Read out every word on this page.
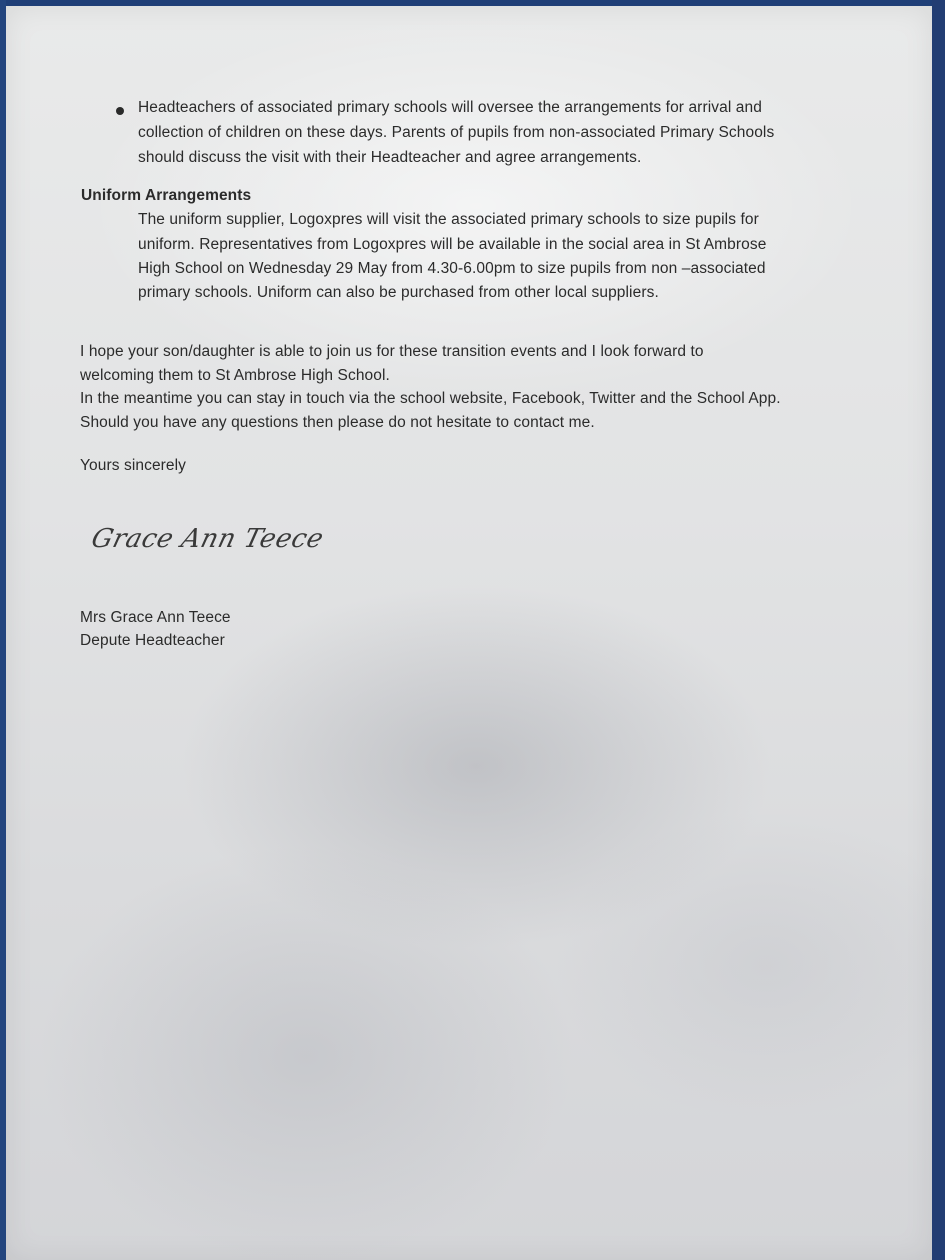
Headteachers of associated primary schools will oversee the arrangements for arrival and
collection of children on these days. Parents of pupils from non-associated Primary Schools
should discuss the visit with their Headteacher and agree arrangements.
Uniform Arrangements
The uniform supplier, Logoxpres will visit the associated primary schools to size pupils for
uniform. Representatives from Logoxpres will be available in the social area in St Ambrose
High School on Wednesday 29 May from 4.30-6.00pm to size pupils from non –associated
primary schools. Uniform can also be purchased from other local suppliers.
I hope your son/daughter is able to join us for these transition events and I look forward to
welcoming them to St Ambrose High School.
In the meantime you can stay in touch via the school website, Facebook, Twitter and the School App.
Should you have any questions then please do not hesitate to contact me.
Yours sincerely
Grace Ann Teece
Mrs Grace Ann Teece
Depute Headteacher
